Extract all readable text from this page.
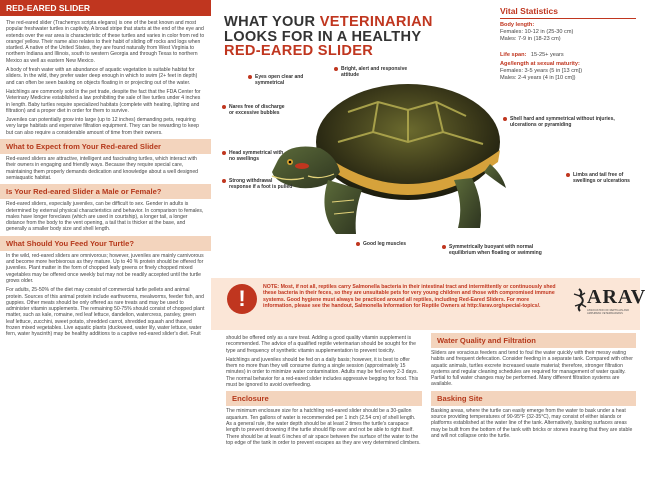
RED-EARED SLIDER

The red-eared slider (Trachemys scripta elegans) is one of the best known and most popular freshwater turtles in captivity. A broad stripe that starts at the end of the eye and extends over the ear area is characteristic of these turtles and varies in color from red to orange/ yellow. Their name also relates to their habit of sliding off rocks and logs when startled. A native of the United States, they are found naturally from West Virginia to northern Indiana and Illinois, south to western Georgia and through Texas to northern Mexico as well as eastern New Mexico.

A body of fresh water with an abundance of aquatic vegetation is suitable habitat for sliders. In the wild, they prefer water deep enough in which to swim (2+ feet in depth) and can often be seen basking on objects floating in or projecting out of the water.

Hatchlings are commonly sold in the pet trade, despite the fact that the FDA Center for Veterinary Medicine established a law prohibiting the sale of live turtles under 4 inches in length. Baby turtles require specialized habitats (complete with heating, lighting and filtration) and a proper diet in order for them to survive.

Juveniles can potentially grow into large (up to 12 inches) demanding pets, requiring very large habitats and expensive filtration equipment. They can be rewarding to keep but can also require a considerable amount of time from their owners.

What to Expect from Your Red-eared Slider

Red-eared sliders are attractive, intelligent and fascinating turtles, which interact with their owners in engaging and friendly ways. Because they require special care, maintaining them properly demands dedication and knowledge about a well designed semiaquatic habitat.

Is Your Red-eared Slider a Male or Female?

Red-eared sliders, especially juveniles, can be difficult to sex. Gender in adults is determined by external physical characteristics and behavior. In comparison to females, males have longer foreclaws (which are used in courtship), a longer tail, a longer distance from the body to the vent opening, a tail that is thicker at the base, and generally a smaller body size and shell length.

What Should You Feed Your Turtle?

In the wild, red-eared sliders are omnivorous; however, juveniles are mainly carnivorous and become more herbivorous as they mature. Up to 40 % protein should be offered for juveniles. Plant matter in the form of chopped leafy greens or finely chopped mixed vegetables may be offered once weekly but may not be readily accepted until the turtle grows older.

For adults, 25-50% of the diet may consist of commercial turtle pellets and animal protein. Sources of this animal protein include earthworms, mealworms, feeder fish, and guppies. Other meats should be only offered as rare treats and may be used to administer vitamin supplements. The remaining 50-75% should consist of chopped plant matter, such as kale, romaine, red leaf lettuce, dandelion, watercress, parsley, green leaf lettuce, zucchini, sweet potato, shredded carrot, shredded squash and thawed frozen mixed vegetables. Live aquatic plants (duckweed, water lily, water lettuce, water fern, water hyacinth) may be healthy additions to a captive red-eared slider's diet. Fruit

WHAT YOUR VETERINARIAN
LOOKS FOR IN A HEALTHY
RED-EARED SLIDER
Vital Statistics
Body length:
Females: 10-12 in (25-30 cm)
Males: 7-9 in (18-23 cm)
Life span: 15-25+ years
Age/length at sexual maturity:
Females: 3-5 years (5 in [13 cm])
Males: 2-4 years (4 in [10 cm])
Eyes open clear and symmetrical
Bright, alert and responsive attitude
Nares free of discharge or excessive bubbles
Head symmetrical with no swellings
Strong withdrawal response if a foot is pulled
Good leg muscles	Symmetrically buoyant with normal equilibrium when floating or swimming
Shell hard and symmetrical without injuries, ulcerations or pyramiding
Limbs and tail free of swellings or ulcerations
!	NOTE: Most, if not all, reptiles carry Salmonella bacteria in their intestinal tract and intermittently or continuously shed these bacteria in their feces, so they are unsuitable pets for very young children and those with compromised immune systems. Good hygiene must always be practiced around all reptiles, including Red-Eared Sliders. For more information, please see the handout, Salmonella Information for Reptile Owners at http://arav.org/special-topics/.	ARAV
ASSOCIATION OF REPTILIAN AND AMPHIBIAN VETERINARIANS

should be offered only as a rare treat. Adding a good quality vitamin supplement is recommended. The advice of a qualified reptile veterinarian should be sought for the type and frequency of synthetic vitamin supplementation to prevent toxicity.

Hatchlings and juveniles should be fed on a daily basis; however, it is best to offer them no more than they will consume during a single session (approximately 15 minutes) in order to minimize water contamination. Adults may be fed every 2-3 days. The normal behavior for a red-eared slider includes aggressive begging for food. This must be ignored to avoid overfeeding.

Enclosure

The minimum enclosure size for a hatchling red-eared slider should be a 30-gallon aquarium. Ten gallons of water is recommended per 1 inch (2.54 cm) of shell length. As a general rule, the water depth should be at least 2 times the turtle's carapace length to prevent drowning if the turtle should flip over and not be able to right itself. There should be at least 6 inches of air space between the surface of the water to the top edge of the tank in order to prevent escapes as they are very determined climbers.

Water Quality and Filtration

Sliders are voracious feeders and tend to foul the water quickly with their messy eating habits and frequent defecation. Consider feeding in a separate tank. Compared with other aquatic animals, turtles excrete increased waste material; therefore, stronger filtration systems and regular cleaning schedules are required for management of water quality. Partial to full water changes may be performed. Many different filtration systems are available.

Basking Site

Basking areas, where the turtle can easily emerge from the water to bask under a heat source providing temperatures of 90-95°F (32-35°C), may consist of either islands or platforms established at the water line of the tank. Alternatively, basking surfaces areas may be built from the bottom of the tank with bricks or stones insuring that they are stable and will not collapse onto the turtle.
